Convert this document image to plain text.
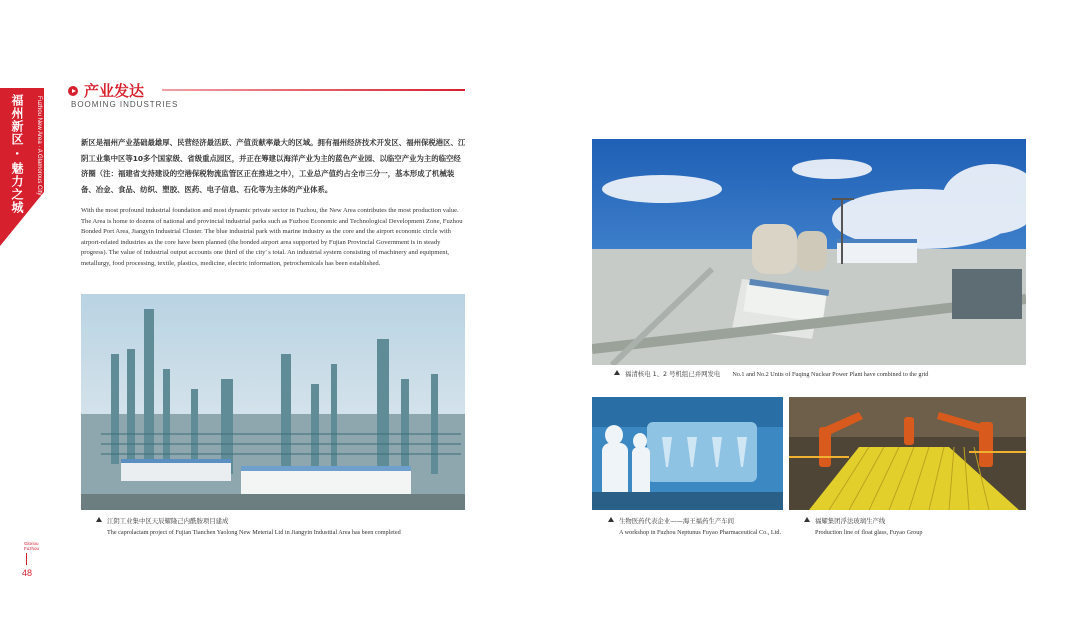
福州新区 · 魅力之城	Fuzhou New Area · A Glamorous City
产业发达
BOOMING INDUSTRIES
新区是福州产业基础最雄厚、民营经济最活跃、产值贡献率最大的区域。拥有福州经济技术开发区、福州保税港区、江阴工业集中区等10多个国家级、省级重点园区，并正在筹建以海洋产业为主的蓝色产业园、以临空产业为主的临空经济圈（注：福建省支持建设的空港保税物流监管区正在推进之中），工业总产值约占全市三分一，基本形成了机械装备、冶金、食品、纺织、塑胶、医药、电子信息、石化等为主体的产业体系。
With the most profound industrial foundation and most dynamic private sector in Fuzhou, the New Area contributes the most production value. The Area is home to dozens of national and provincial industrial parks such as Fuzhou Economic and Technological Development Zone, Fuzhou Bonded Port Area, Jiangyin Industrial Cluster. The blue industrial park with marine industry as the core and the airport economic circle with airport-related industries as the core have been planned (the bonded airport area supported by Fujian Provincial Government is in steady progress). The value of industrial output accounts one third of the city' s total. An industrial system consisting of machinery and equipment, metallurgy, food processing, textile, plastics, medicine, electric information, petrochemicals has been established.
江阴工业集中区天辰耀隆己内酰胺项目建成
The caprolactam project of Fujian Tianchen Yaolong New Meterial Ltd in Jiangyin Industtial Area has been completed
福清核电 1、2 号机组已并网发电 No.1 and No.2 Units of Fuqing Nuclear Power Plant have combined to the grid
生物医药代表企业——海王福药生产车间
A workshop in Fuzhou Neptunus Fuyao Pharmaceutical Co., Ltd.
福耀集团浮法玻璃生产线
Production line of float glass, Fuyao Group
Gloriou
Fuzhou
48
